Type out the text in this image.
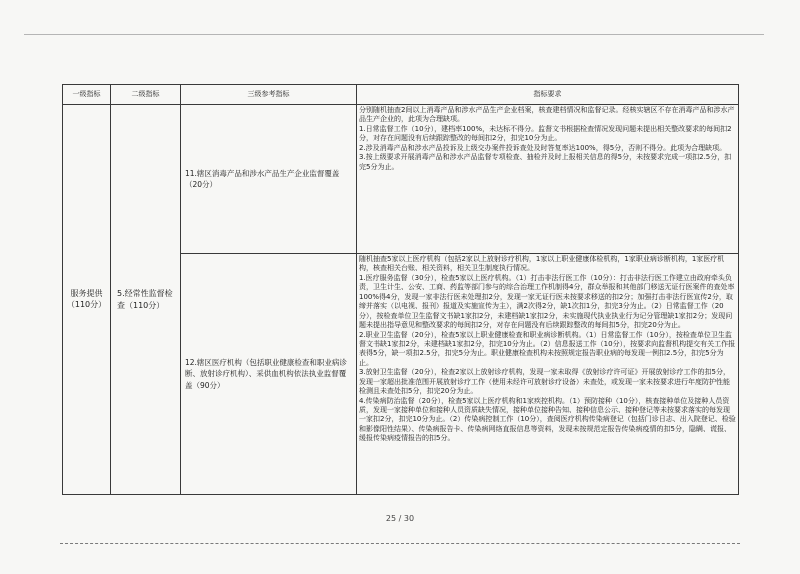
一级指标	二级指标	三级参考指标	指标要求
服务提供（110分）	5.经常性监督检查（110分）	11.辖区消毒产品和涉水产品生产企业监督覆盖（20分）	分别随机抽查2间以上消毒产品和涉水产品生产企业档案，核查建档情况和监督记录。经核实辖区不存在消毒产品和涉水产品生产企业的，此项为合理缺项。

1.日常监督工作（10分），建档率100%，未达标不得分。监督文书根据检查情况发现问题未提出相关整改要求的每间扣2分，对存在问题没有后续跟踪整改的每间扣2分，扣完10分为止。

2.涉及消毒产品和涉水产品投诉及上级交办案件投诉查处及时答复率达100%，得5分，否则不得分。此项为合理缺项。

3.按上级要求开展消毒产品和涉水产品监督专项检查、抽检并及时上报相关信息的得5分，未按要求完成一项扣2.5分，扣完5分为止。

		12.辖区医疗机构（包括职业健康检查和职业病诊断、放射诊疗机构）、采供血机构依法执业监督覆盖（90分）	随机抽查5家以上医疗机构（包括2家以上放射诊疗机构，1家以上职业健康体检机构，1家职业病诊断机构，1家医疗机构，核查相关台账、相关资料，相关卫生制度执行情况。

1.医疗服务监督（30分），检查5家以上医疗机构。（1）打击非法行医工作（10分）：打击非法行医工作建立由政府牵头负责，卫生计生、公安、工商、药监等部门参与的综合治理工作机制得4分，群众举报和其他部门移送无证行医案件的查处率100%得4分，发现一家非法行医未处理扣2分，发现一家无证行医未按要求移送的扣2分；加强打击非法行医宣传2分，取缔并落实（以电视、报刊）报道及实施宣传为主），满2次得2分，缺1次扣1分，扣完3分为止。（2）日常监督工作（20分），按检查单位卫生监督文书缺1家扣2分，未建档缺1家扣2分，未实施现代执业执业行为记分管理缺1家扣2分；发现问题未提出指导意见和整改要求的每间扣2分，对存在问题没有后续跟踪整改的每间扣5分，扣完20分为止。

2.职业卫生监督（20分），检查5家以上职业健康检查和职业病诊断机构。（1）日常监督工作（10分），按检查单位卫生监督文书缺1家扣2分，未建档缺1家扣2分，扣完10分为止。（2）信息报送工作（10分），按要求向监督机构提交有关工作报表得5分，缺一项扣2.5分，扣完5分为止。职业健康检查机构未按照规定报告职业病的每发现一例扣2.5分，扣完5分为止。

3.放射卫生监督（20分），检查2家以上放射诊疗机构，发现一家未取得《放射诊疗许可证》开展放射诊疗工作的扣5分，发现一家超出批准范围开展放射诊疗工作（使用未经许可放射诊疗设备）未查处，或发现一家未按要求进行年度防护性能检测且未查处扣5分，扣完20分为止。

4.传染病防治监督（20分），检查5家以上医疗机构和1家疾控机构。（1）预防接种（10分），核查接种单位及接种人员资质，发现一家接种单位和接种人员资质缺失情况，接种单位接种告知、接种信息公示、接种登记等未按要求落实的每发现一家扣2分，扣完10分为止。（2）传染病控制工作（10分），查阅医疗机构传染病登记（包括门诊日志、出入院登记、检验和影像阳性结果）、传染病报告卡、传染病网络直报信息等资料，发现未按规范定报告传染病疫情的扣5分，隐瞒、谎报、缓报传染病疫情报告的扣5分。

25 / 30
